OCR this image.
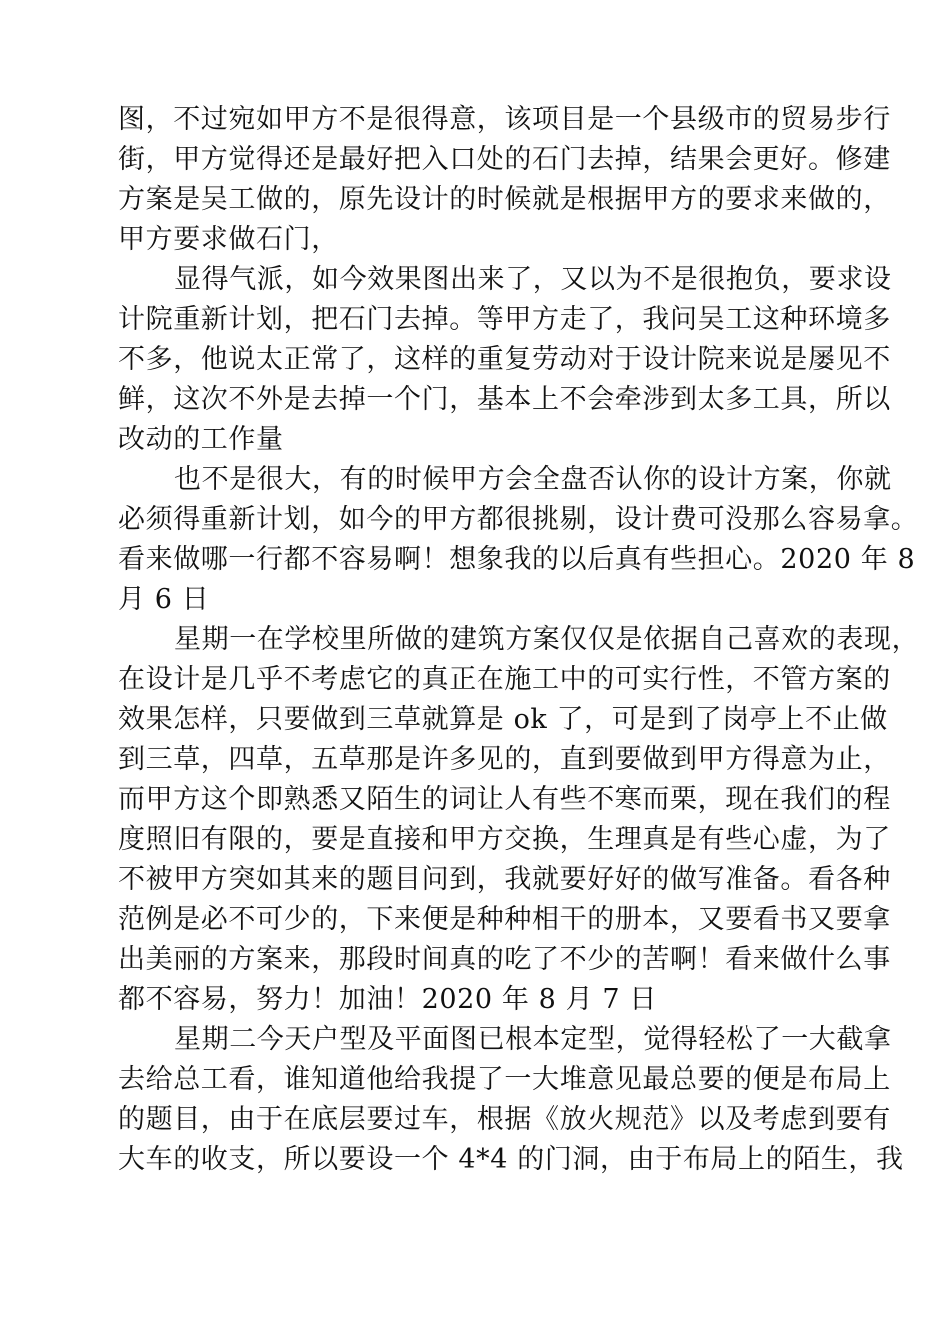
图，不过宛如甲方不是很得意，该项目是一个县级市的贸易步行
街，甲方觉得还是最好把入口处的石门去掉，结果会更好。修建
方案是吴工做的，原先设计的时候就是根据甲方的要求来做的，
甲方要求做石门，
显得气派，如今效果图出来了，又以为不是很抱负，要求设
计院重新计划，把石门去掉。等甲方走了，我问吴工这种环境多
不多，他说太正常了，这样的重复劳动对于设计院来说是屡见不
鲜，这次不外是去掉一个门，基本上不会牵涉到太多工具，所以
改动的工作量
也不是很大，有的时候甲方会全盘否认你的设计方案，你就
必须得重新计划，如今的甲方都很挑剔，设计费可没那么容易拿。
看来做哪一行都不容易啊！想象我的以后真有些担心。2020 年 8
月 6 日
星期一在学校里所做的建筑方案仅仅是依据自己喜欢的表现，
在设计是几乎不考虑它的真正在施工中的可实行性，不管方案的
效果怎样，只要做到三草就算是 ok 了，可是到了岗亭上不止做
到三草，四草，五草那是许多见的，直到要做到甲方得意为止，
而甲方这个即熟悉又陌生的词让人有些不寒而栗，现在我们的程
度照旧有限的，要是直接和甲方交换，生理真是有些心虚，为了
不被甲方突如其来的题目问到，我就要好好的做写准备。看各种
范例是必不可少的，下来便是种种相干的册本，又要看书又要拿
出美丽的方案来，那段时间真的吃了不少的苦啊！看来做什么事
都不容易，努力！加油！2020 年 8 月 7 日
星期二今天户型及平面图已根本定型，觉得轻松了一大截拿
去给总工看，谁知道他给我提了一大堆意见最总要的便是布局上
的题目，由于在底层要过车，根据《放火规范》以及考虑到要有
大车的收支，所以要设一个 4*4 的门洞，由于布局上的陌生，我
